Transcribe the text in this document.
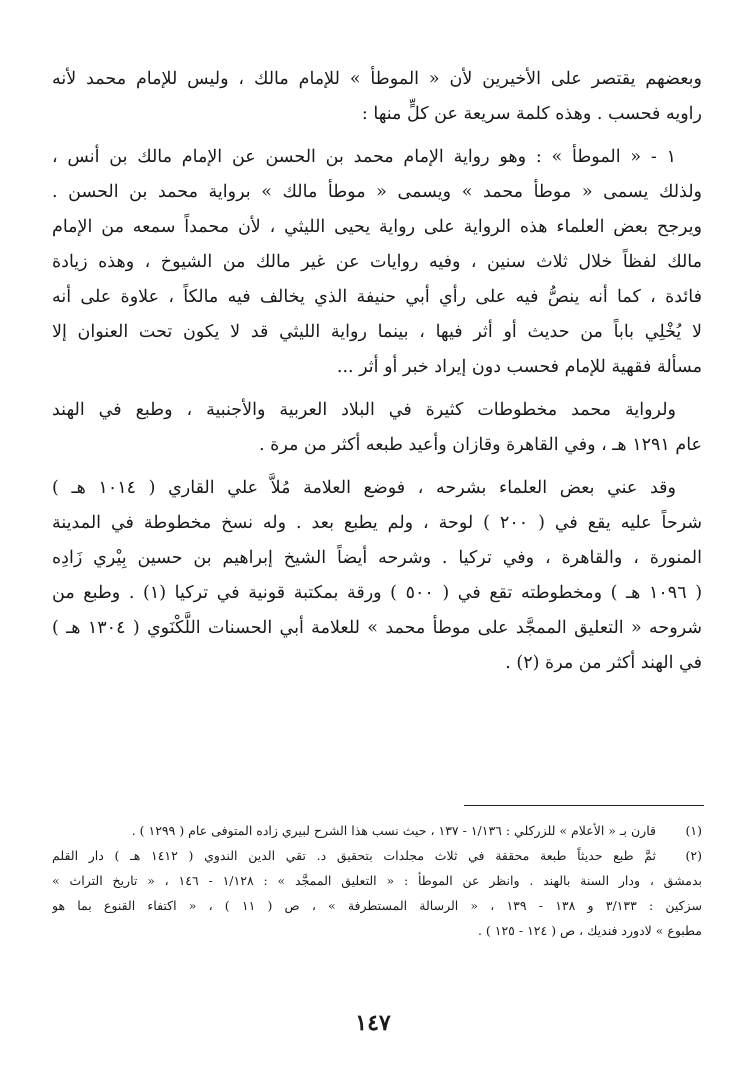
وبعضهم يقتصر على الأخيرين لأن « الموطأ » للإمام مالك ، وليس للإمام محمد لأنه
راويه فحسب . وهذه كلمة سريعة عن كلٍّ منها :

١ - « الموطأ » : وهو رواية الإمام محمد بن الحسن عن الإمام مالك بن أنس ،
ولذلك يسمى « موطأ محمد » ويسمى « موطأ مالك » برواية محمد بن الحسن .
ويرجح بعض العلماء هذه الرواية على رواية يحيى الليثي ، لأن محمداً سمعه من الإمام
مالك لفظاً خلال ثلاث سنين ، وفيه روايات عن غير مالك من الشيوخ ، وهذه زيادة
فائدة ، كما أنه ينصُّ فيه على رأي أبي حنيفة الذي يخالف فيه مالكاً ، علاوة على أنه
لا يُخْلِي باباً من حديث أو أثر فيها ، بينما رواية الليثي قد لا يكون تحت العنوان إلا
مسألة فقهية للإمام فحسب دون إيراد خبر أو أثر ...

ولرواية محمد مخطوطات كثيرة في البلاد العربية والأجنبية ، وطبع في الهند
عام ١٢٩١ هـ ، وفي القاهرة وقازان وأعيد طبعه أكثر من مرة .

وقد عني بعض العلماء بشرحه ، فوضع العلامة مُلاَّ علي القاري ( ١٠١٤ هـ )
شرحاً عليه يقع في ( ٢٠٠ ) لوحة ، ولم يطبع بعد . وله نسخ مخطوطة في المدينة
المنورة ، والقاهرة ، وفي تركيا . وشرحه أيضاً الشيخ إبراهيم بن حسين بِيْري زَادِه
( ١٠٩٦ هـ ) ومخطوطته تقع في ( ٥٠٠ ) ورقة بمكتبة قونية في تركيا (١) . وطبع من
شروحه « التعليق الممجَّد على موطأ محمد » للعلامة أبي الحسنات اللَّكْنَوي ( ١٣٠٤ هـ )
في الهند أكثر من مرة (٢) .

(١)
قارن بـ « الأعلام » للزركلي : ١/١٣٦ - ١٣٧ ، حيث نسب هذا الشرح لبيري زاده المتوفى عام ( ١٢٩٩ ) .
(٢)
ثمَّ طبع حديثاً طبعة محققة في ثلاث مجلدات بتحقيق د. تقي الدين الندوي ( ١٤١٢ هـ ) دار القلم
بدمشق ، ودار السنة بالهند . وانظر عن الموطأ : « التعليق الممجَّد » : ١/١٢٨ - ١٤٦ ، « تاريخ التراث »
سزكين : ٣/١٣٣ و ١٣٨ - ١٣٩ ، « الرسالة المستطرفة » ، ص ( ١١ ) ، « اكتفاء القنوع بما هو
مطبوع » لادورد فنديك ، ص ( ١٢٤ - ١٢٥ ) .
١٤٧
